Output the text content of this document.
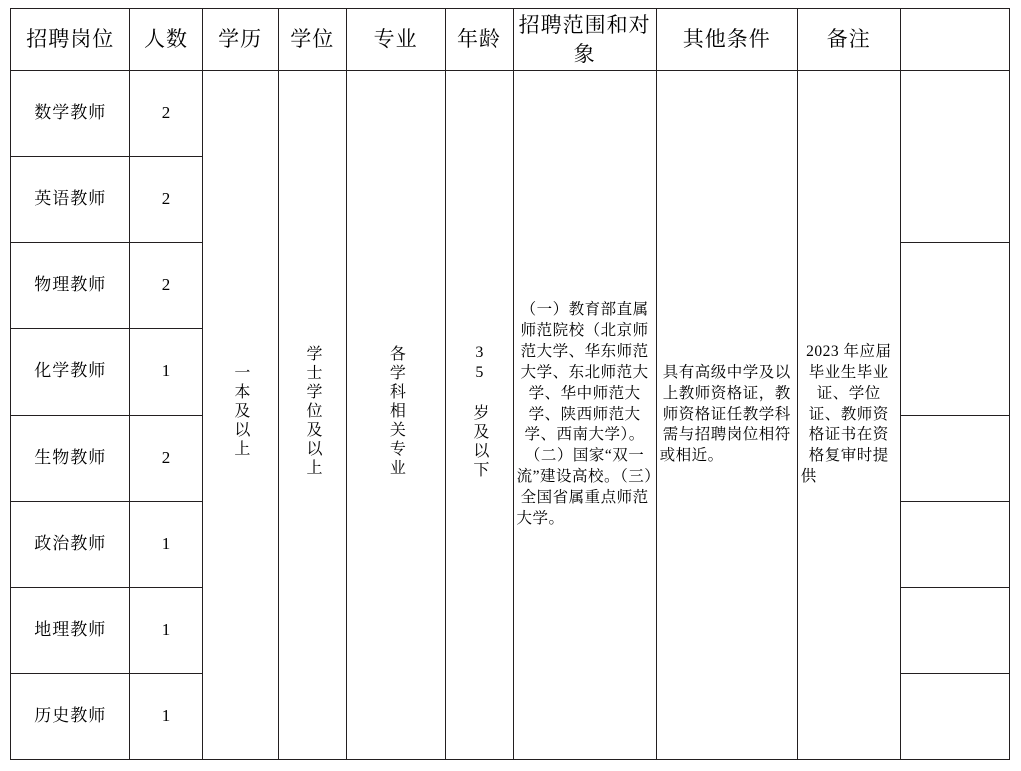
招聘岗位	人数	学历	学位	专业	年龄	招聘范围和对象	其他条件	备注	
数学教师	2	一本及以上	学士学位及以上	各学科相关专业	35 岁及以下	（一）教育部直属师范院校（北京师范大学、华东师范大学、东北师范大学、华中师范大学、陕西师范大学、西南大学）。（二）国家“双一流”建设高校。（三）全国省属重点师范大学。	具有高级中学及以上教师资格证，教师资格证任教学科需与招聘岗位相符或相近。	2023 年应届毕业生毕业证、学位证、教师资格证书在资格复审时提供	

英语教师	2								
物理教师	2								
化学教师	1								
生物教师	2								
政治教师	1								
地理教师	1								
历史教师	1								
